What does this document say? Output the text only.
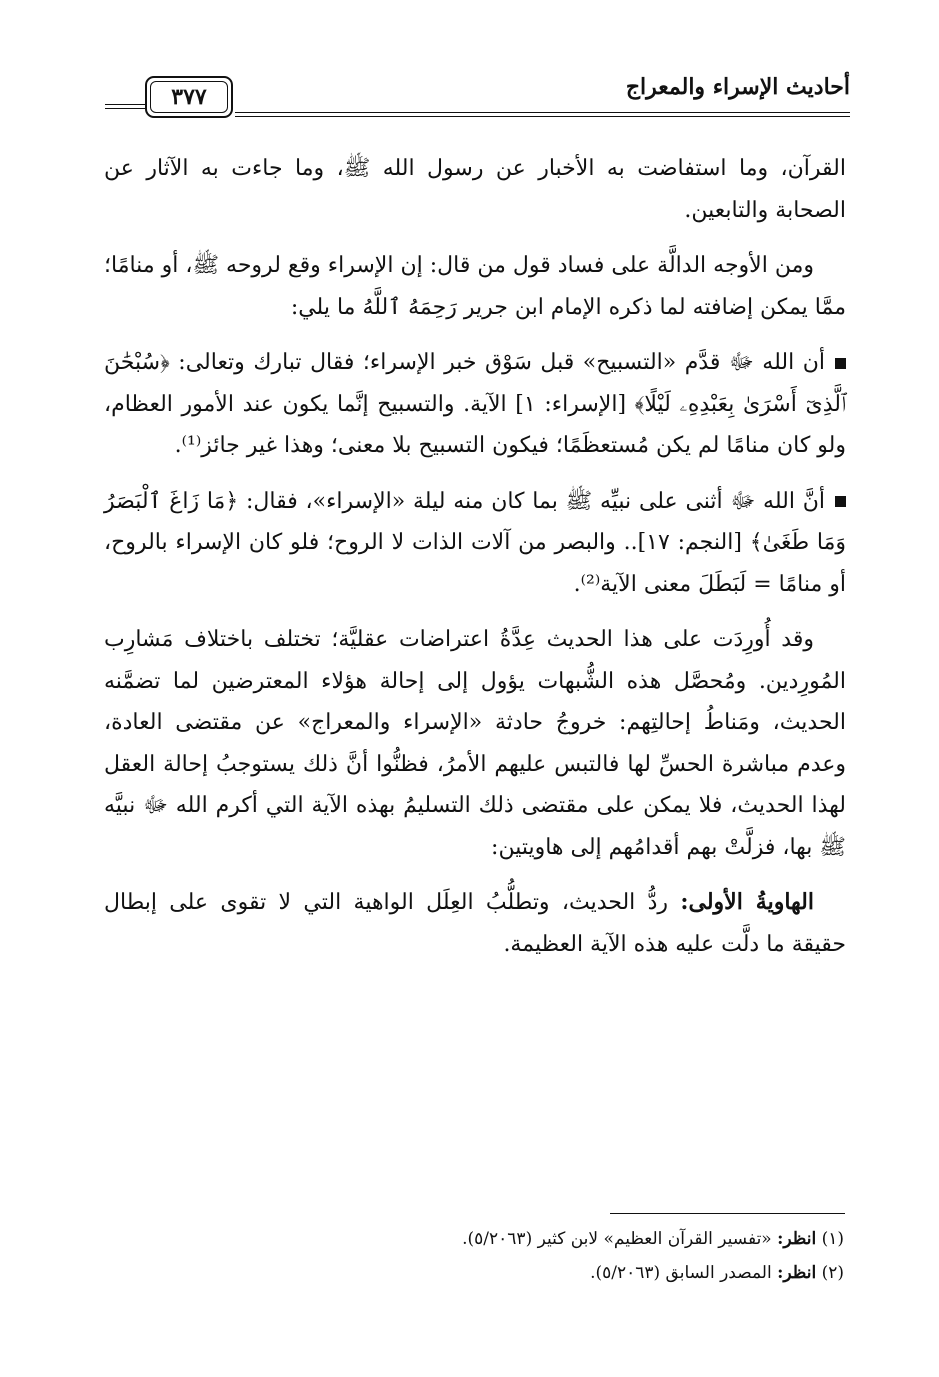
أحاديث الإسراء والمعراج
٣٧٧

القرآن، وما استفاضت به الأخبار عن رسول الله ﷺ، وما جاءت به الآثار عن الصحابة والتابعين.

ومن الأوجه الدالَّة على فساد قول من قال: إن الإسراء وقع لروحه ﷺ، أو منامًا؛ ممَّا يمكن إضافته لما ذكره الإمام ابن جرير رَحِمَهُ ٱللَّهُ ما يلي:

أن الله ﷻ قدَّم «التسبيح» قبل سَوْق خبر الإسراء؛ فقال تبارك وتعالى: ﴿سُبْحَٰنَ ٱلَّذِىٓ أَسْرَىٰ بِعَبْدِهِۦ لَيْلًا﴾ [الإسراء: ١] الآية. والتسبيح إنَّما يكون عند الأمور العظام، ولو كان منامًا لم يكن مُستعظَمًا؛ فيكون التسبيح بلا معنى؛ وهذا غير جائز⁽¹⁾.

أنَّ الله ﷻ أثنى على نبيِّه ﷺ بما كان منه ليلة «الإسراء»، فقال: ﴿مَا زَاغَ ٱلْبَصَرُ وَمَا طَغَىٰ﴾ [النجم: ١٧].. والبصر من آلات الذات لا الروح؛ فلو كان الإسراء بالروح، أو منامًا = لَبَطَلَ معنى الآية⁽²⁾.

وقد أُورِدَت على هذا الحديث عِدَّةُ اعتراضات عقليَّة؛ تختلف باختلاف مَشارِب المُورِدين. ومُحصَّل هذه الشُّبهات يؤول إلى إحالة هؤلاء المعترضين لما تضمَّنه الحديث، ومَناطُ إحالتِهم: خروجُ حادثة «الإسراء والمعراج» عن مقتضى العادة، وعدم مباشرة الحسِّ لها فالتبس عليهم الأمرُ، فظنُّوا أنَّ ذلك يستوجبُ إحالة العقل لهذا الحديث، فلا يمكن على مقتضى ذلك التسليمُ بهذه الآية التي أكرم الله ﷻ نبيَّه ﷺ بها، فزلَّتْ بهم أقدامُهم إلى هاويتين:

الهاويةُ الأولى: ردُّ الحديث، وتطلُّبُ العِلَل الواهية التي لا تقوى على إبطال حقيقة ما دلَّت عليه هذه الآية العظيمة.

(١) انظر: «تفسير القرآن العظيم» لابن كثير (٥/٢٠٦٣).
(٢) انظر: المصدر السابق (٥/٢٠٦٣).
